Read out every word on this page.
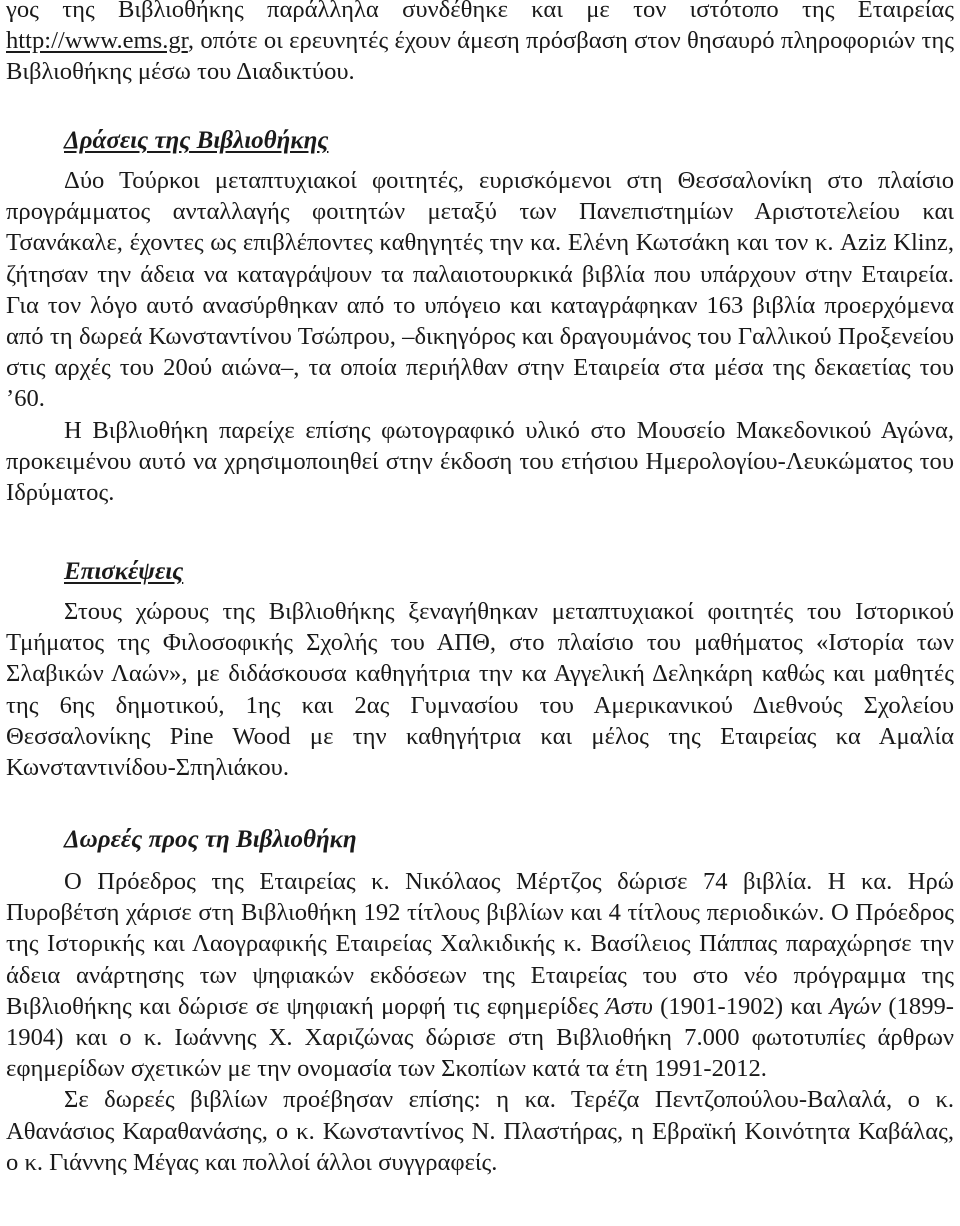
γος της Βιβλιοθήκης παράλληλα συνδέθηκε και με τον ιστότοπο της Εταιρείας http://www.ems.gr, οπότε οι ερευνητές έχουν άμεση πρόσβαση στον θησαυρό πληροφοριών της Βιβλιοθήκης μέσω του Διαδικτύου.

Δράσεις της Βιβλιοθήκης

Δύο Τούρκοι μεταπτυχιακοί φοιτητές, ευρισκόμενοι στη Θεσσαλονίκη στο πλαίσιο προγράμματος ανταλλαγής φοιτητών μεταξύ των Πανεπιστημίων Αριστοτελείου και Τσανάκαλε, έχοντες ως επιβλέποντες καθηγητές την κα. Ελένη Κωτσάκη και τον κ. Aziz Klinz, ζήτησαν την άδεια να καταγράψουν τα παλαιοτουρκικά βιβλία που υπάρχουν στην Εταιρεία. Για τον λόγο αυτό ανασύρθηκαν από το υπόγειο και καταγράφηκαν 163 βιβλία προερχόμενα από τη δωρεά Κωνσταντίνου Τσώπρου, –δικηγόρος και δραγουμάνος του Γαλλικού Προξενείου στις αρχές του 20ού αιώνα–, τα οποία περιήλθαν στην Εταιρεία στα μέσα της δεκαετίας του ’60.

Η Βιβλιοθήκη παρείχε επίσης φωτογραφικό υλικό στο Μουσείο Μακεδονικού Αγώνα, προκειμένου αυτό να χρησιμοποιηθεί στην έκδοση του ετήσιου Ημερολογίου-Λευκώματος του Ιδρύματος.

Επισκέψεις

Στους χώρους της Βιβλιοθήκης ξεναγήθηκαν μεταπτυχιακοί φοιτητές του Ιστορικού Τμήματος της Φιλοσοφικής Σχολής του ΑΠΘ, στο πλαίσιο του μαθήματος «Ιστορία των Σλαβικών Λαών», με διδάσκουσα καθηγήτρια την κα Αγγελική Δεληκάρη καθώς και μαθητές της 6ης δημοτικού, 1ης και 2ας Γυμνασίου του Αμερικανικού Διεθνούς Σχολείου Θεσσαλονίκης Pine Wood με την καθηγήτρια και μέλος της Εταιρείας κα Αμαλία Κωνσταντινίδου-Σπηλιάκου.

Δωρεές προς τη Βιβλιοθήκη

Ο Πρόεδρος της Εταιρείας κ. Νικόλαος Μέρτζος δώρισε 74 βιβλία. Η κα. Ηρώ Πυροβέτση χάρισε στη Βιβλιοθήκη 192 τίτλους βιβλίων και 4 τίτλους περιοδικών. Ο Πρόεδρος της Ιστορικής και Λαογραφικής Εταιρείας Χαλκιδικής κ. Βασίλειος Πάππας παραχώρησε την άδεια ανάρτησης των ψηφιακών εκδόσεων της Εταιρείας του στο νέο πρόγραμμα της Βιβλιοθήκης και δώρισε σε ψηφιακή μορφή τις εφημερίδες Άστυ (1901-1902) και Αγών (1899-1904) και ο κ. Ιωάννης Χ. Χαριζώνας δώρισε στη Βιβλιοθήκη 7.000 φωτοτυπίες άρθρων εφημερίδων σχετικών με την ονομασία των Σκοπίων κατά τα έτη 1991-2012.

Σε δωρεές βιβλίων προέβησαν επίσης: η κα. Τερέζα Πεντζοπούλου-Βαλαλά, ο κ. Αθανάσιος Καραθανάσης, ο κ. Κωνσταντίνος Ν. Πλαστήρας, η Εβραϊκή Κοινότητα Καβάλας, ο κ. Γιάννης Μέγας και πολλοί άλλοι συγγραφείς.
